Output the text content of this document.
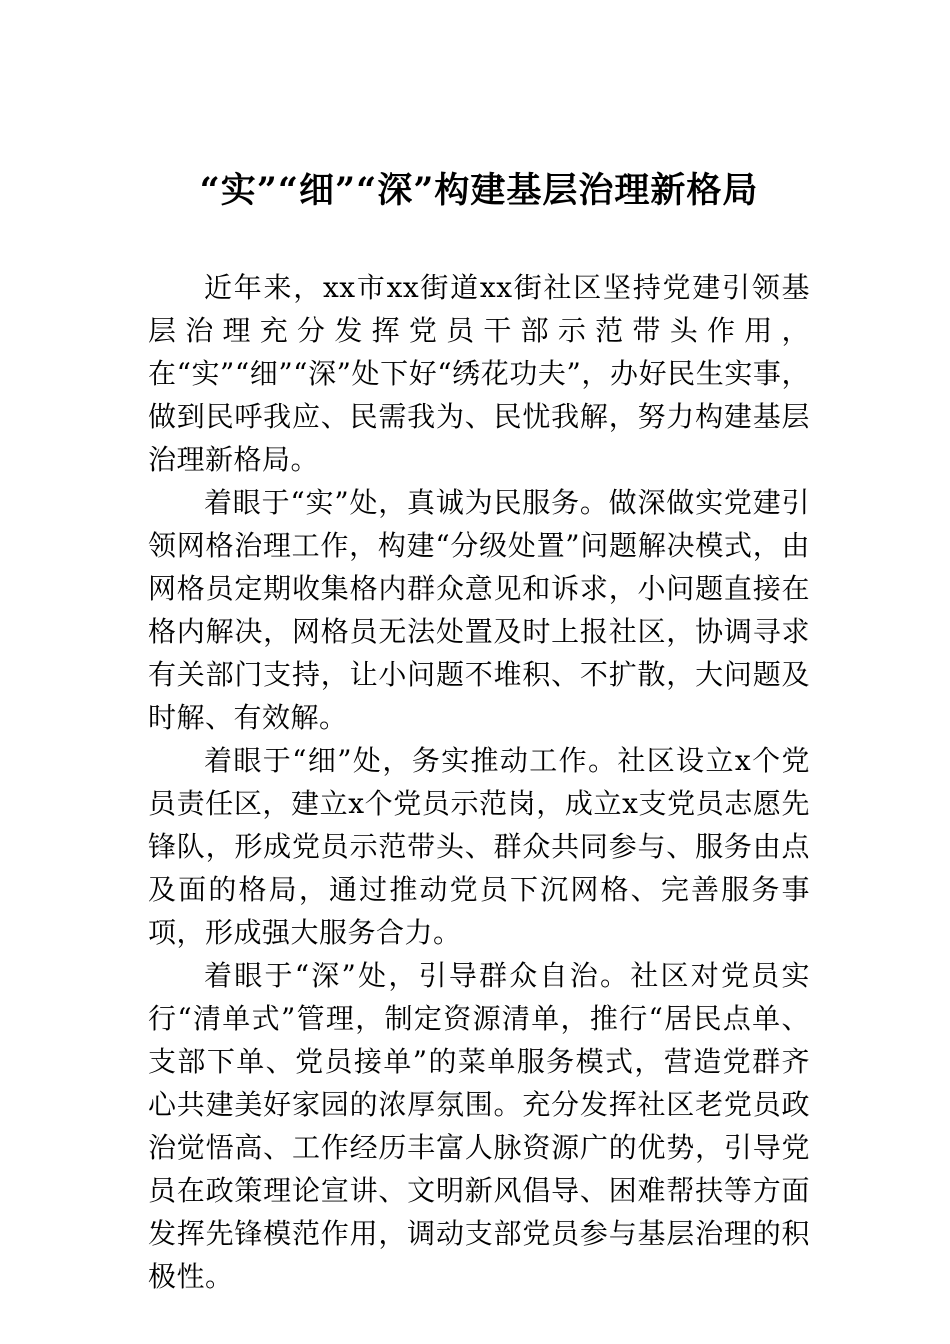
“实”“细”“深”构建基层治理新格局

近年来，xx市xx街道xx街社区坚持党建引领基层治理充分发挥党员干部示范带头作用，在“实”“细”“深”处下好“绣花功夫”，办好民生实事，做到民呼我应、民需我为、民忧我解，努力构建基层治理新格局。

着眼于“实”处，真诚为民服务。做深做实党建引领网格治理工作，构建“分级处置”问题解决模式，由网格员定期收集格内群众意见和诉求，小问题直接在格内解决，网格员无法处置及时上报社区，协调寻求有关部门支持，让小问题不堆积、不扩散，大问题及时解、有效解。

着眼于“细”处，务实推动工作。社区设立x个党员责任区，建立x个党员示范岗，成立x支党员志愿先锋队，形成党员示范带头、群众共同参与、服务由点及面的格局，通过推动党员下沉网格、完善服务事项，形成强大服务合力。

着眼于“深”处，引导群众自治。社区对党员实行“清单式”管理，制定资源清单，推行“居民点单、支部下单、党员接单”的菜单服务模式，营造党群齐心共建美好家园的浓厚氛围。充分发挥社区老党员政治觉悟高、工作经历丰富人脉资源广的优势，引导党员在政策理论宣讲、文明新风倡导、困难帮扶等方面发挥先锋模范作用，调动支部党员参与基层治理的积极性。
